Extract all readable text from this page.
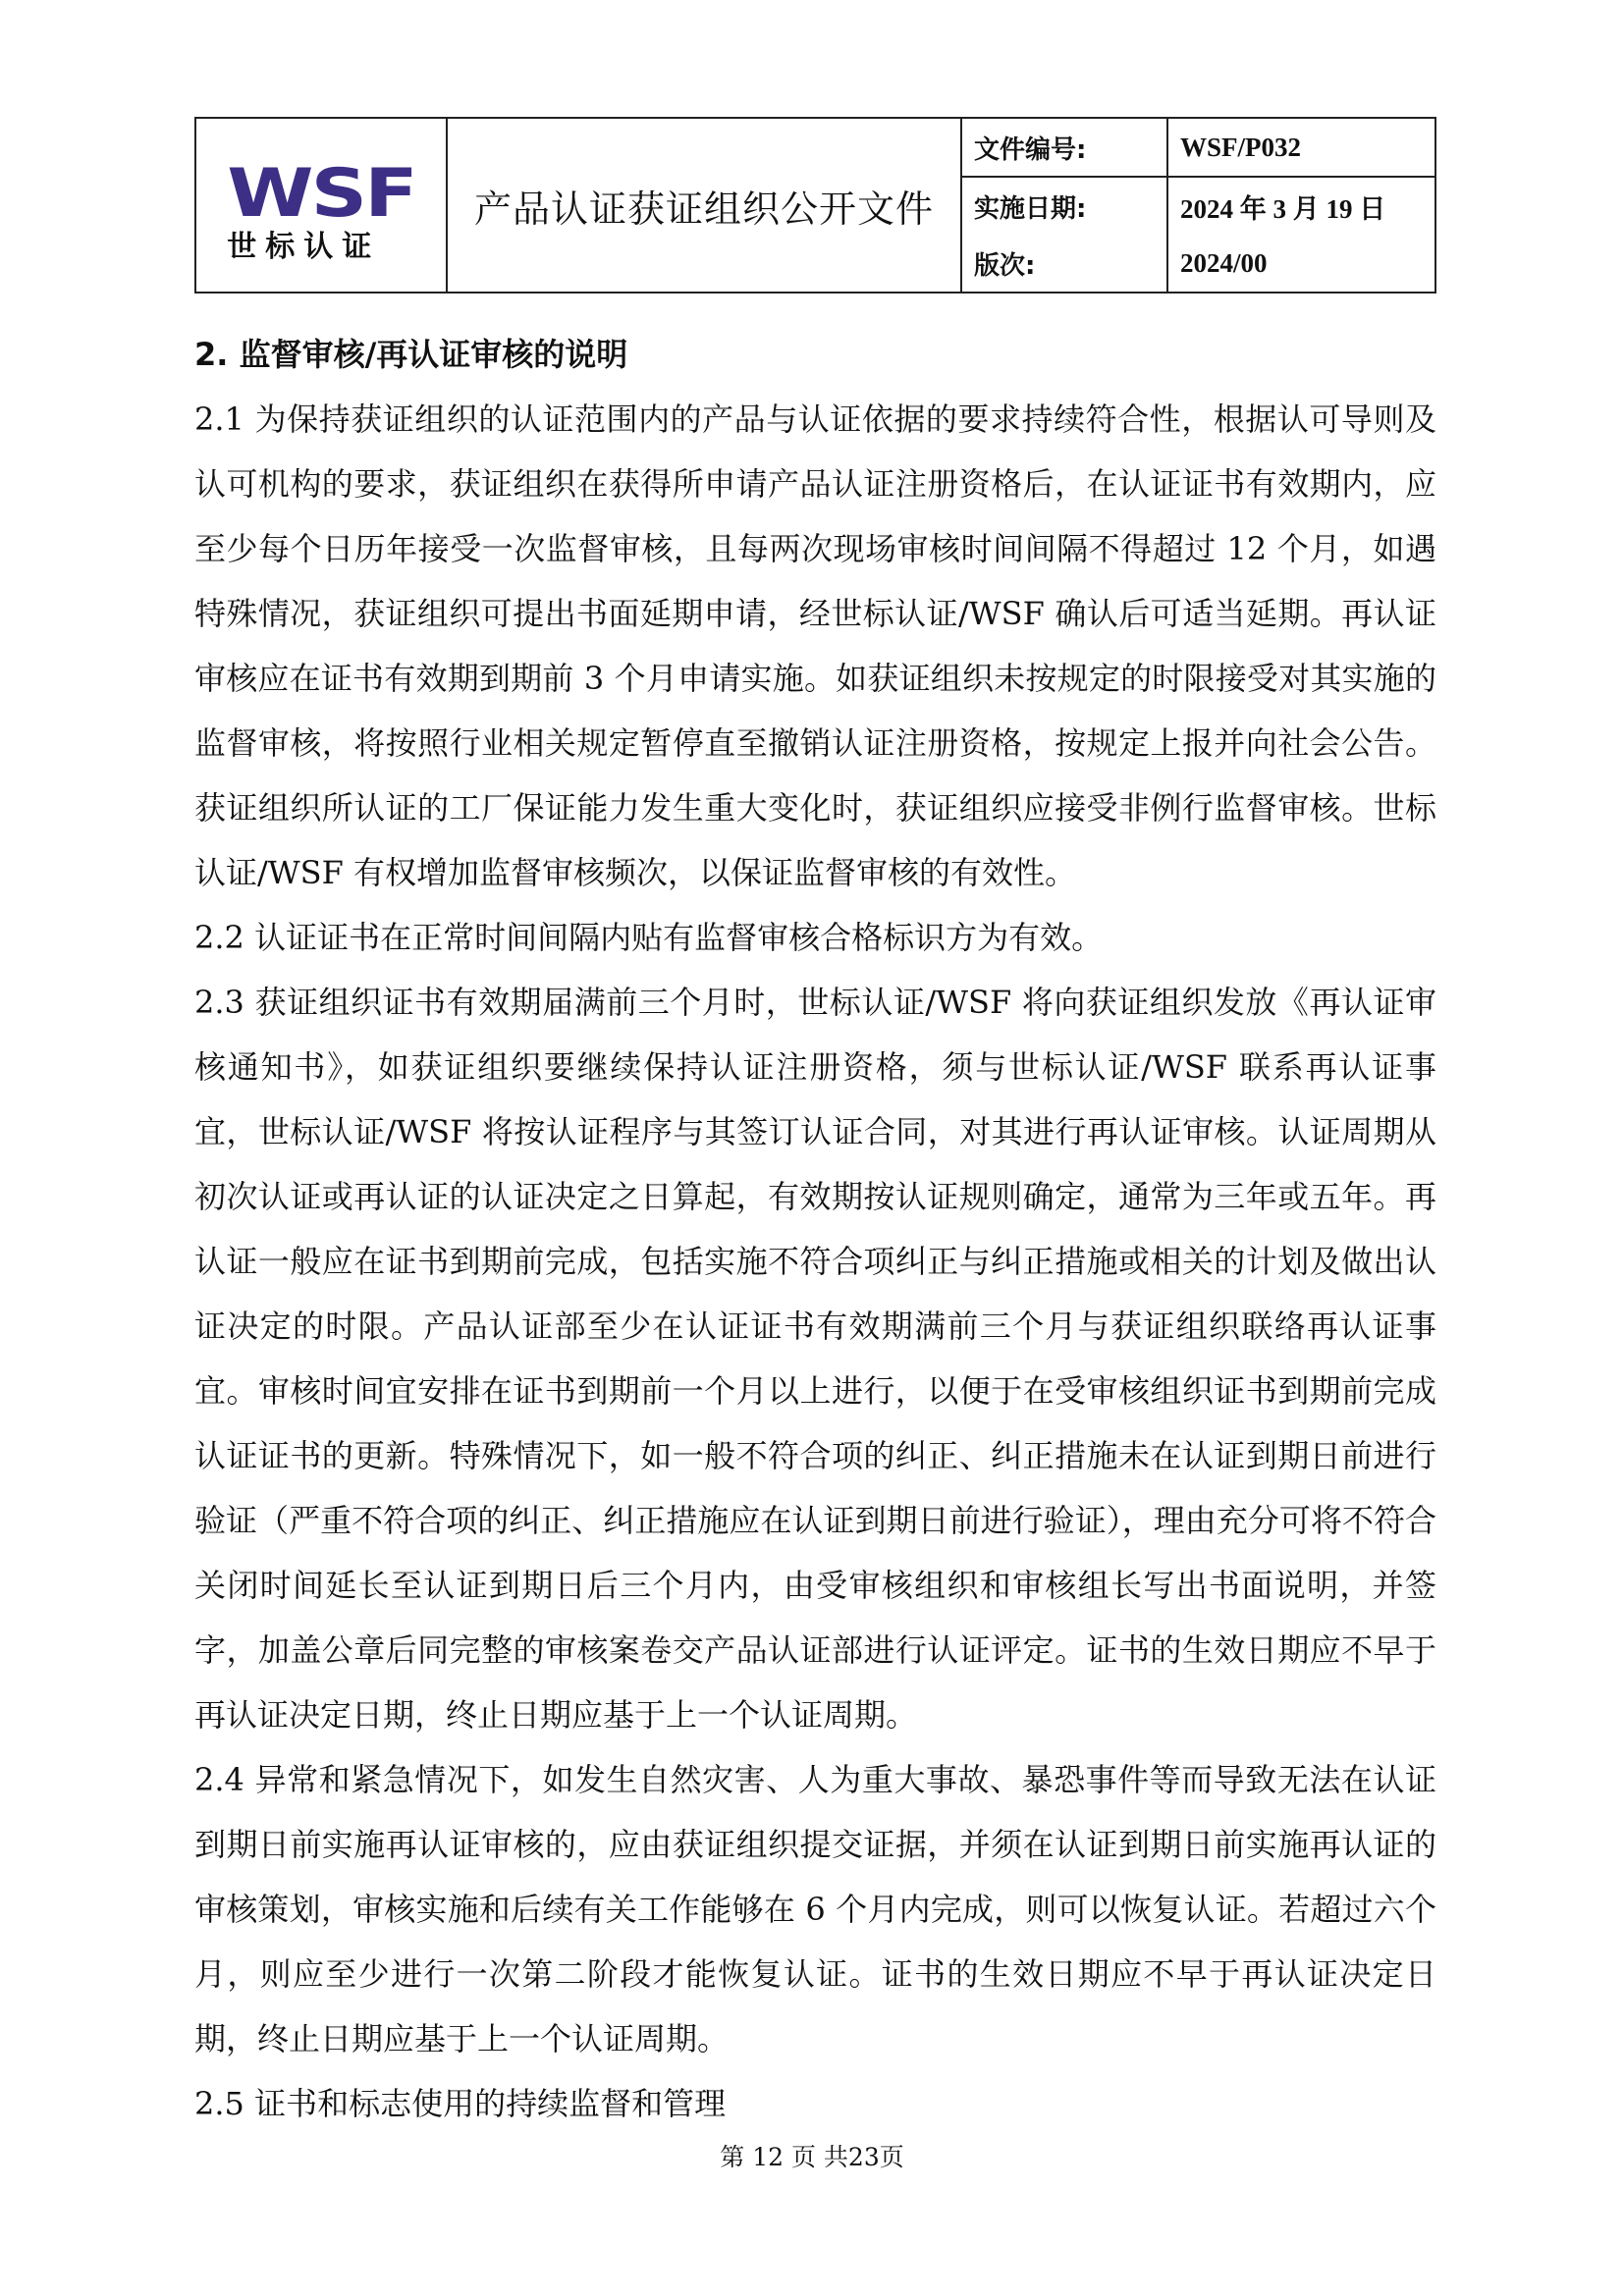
WSF
世标认证	产品认证获证组织公开文件	文件编号:	WSF/P032
		实施日期:	2024 年 3 月 19 日
		版次:	2024/00
2. 监督审核/再认证审核的说明

2.1 为保持获证组织的认证范围内的产品与认证依据的要求持续符合性，根据认可导则及认可机构的要求，获证组织在获得所申请产品认证注册资格后，在认证证书有效期内，应至少每个日历年接受一次监督审核，且每两次现场审核时间间隔不得超过 12 个月，如遇特殊情况，获证组织可提出书面延期申请，经世标认证/WSF 确认后可适当延期。再认证审核应在证书有效期到期前 3 个月申请实施。如获证组织未按规定的时限接受对其实施的监督审核，将按照行业相关规定暂停直至撤销认证注册资格，按规定上报并向社会公告。获证组织所认证的工厂保证能力发生重大变化时，获证组织应接受非例行监督审核。世标认证/WSF 有权增加监督审核频次，以保证监督审核的有效性。

2.2 认证证书在正常时间间隔内贴有监督审核合格标识方为有效。

2.3 获证组织证书有效期届满前三个月时，世标认证/WSF 将向获证组织发放《再认证审核通知书》，如获证组织要继续保持认证注册资格，须与世标认证/WSF 联系再认证事宜，世标认证/WSF 将按认证程序与其签订认证合同，对其进行再认证审核。认证周期从初次认证或再认证的认证决定之日算起，有效期按认证规则确定，通常为三年或五年。再认证一般应在证书到期前完成，包括实施不符合项纠正与纠正措施或相关的计划及做出认证决定的时限。产品认证部至少在认证证书有效期满前三个月与获证组织联络再认证事宜。审核时间宜安排在证书到期前一个月以上进行，以便于在受审核组织证书到期前完成认证证书的更新。特殊情况下，如一般不符合项的纠正、纠正措施未在认证到期日前进行验证（严重不符合项的纠正、纠正措施应在认证到期日前进行验证），理由充分可将不符合关闭时间延长至认证到期日后三个月内，由受审核组织和审核组长写出书面说明，并签字，加盖公章后同完整的审核案卷交产品认证部进行认证评定。证书的生效日期应不早于再认证决定日期，终止日期应基于上一个认证周期。

2.4 异常和紧急情况下，如发生自然灾害、人为重大事故、暴恐事件等而导致无法在认证到期日前实施再认证审核的，应由获证组织提交证据，并须在认证到期日前实施再认证的审核策划，审核实施和后续有关工作能够在 6 个月内完成，则可以恢复认证。若超过六个月，则应至少进行一次第二阶段才能恢复认证。证书的生效日期应不早于再认证决定日期，终止日期应基于上一个认证周期。

2.5 证书和标志使用的持续监督和管理

第 12 页 共23页
